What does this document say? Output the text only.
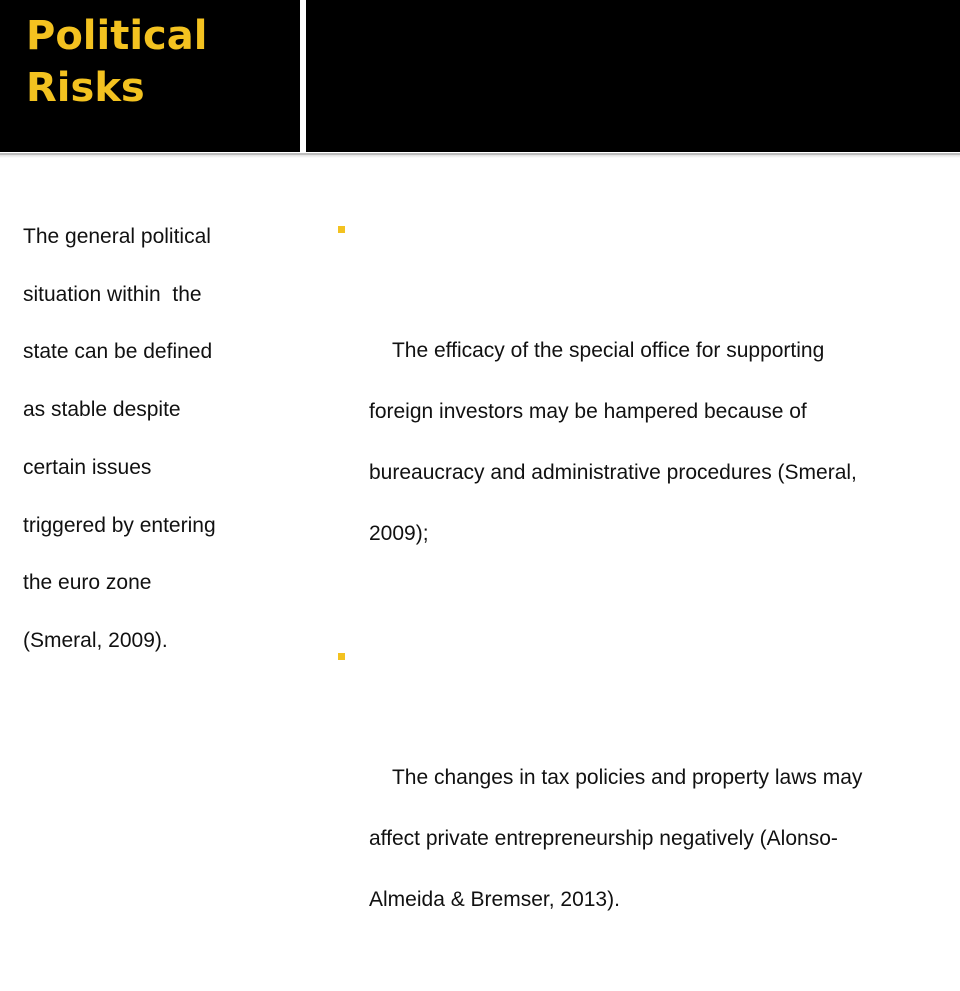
Political
Risks
The general political
situation within  the
state can be defined
as stable despite
certain issues
triggered by entering
the euro zone
(Smeral, 2009).

The efficacy of the special office for supporting
foreign investors may be hampered because of
bureaucracy and administrative procedures (Smeral,
2009);

The changes in tax policies and property laws may
affect private entrepreneurship negatively (Alonso-
Almeida & Bremser, 2013).
